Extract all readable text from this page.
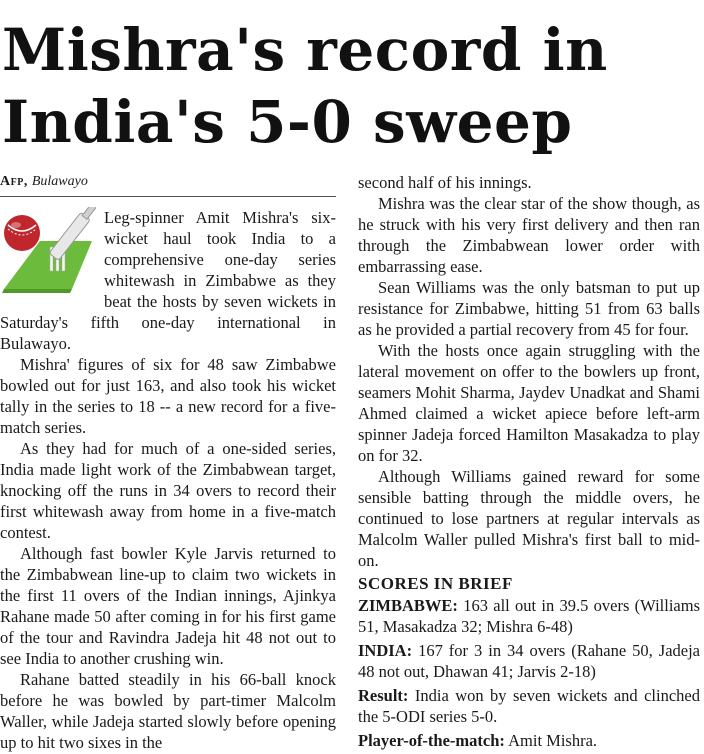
Mishra's record in India's 5-0 sweep
Afp, Bulawayo

Leg-spinner Amit Mishra's six-wicket haul took India to a comprehensive one-day series whitewash in Zimbabwe as they beat the hosts by seven wickets in Saturday's fifth one-day international in Bulawayo.

Mishra' figures of six for 48 saw Zimbabwe bowled out for just 163, and also took his wicket tally in the series to 18 -- a new record for a five-match series.

As they had for much of a one-sided series, India made light work of the Zimbabwean target, knocking off the runs in 34 overs to record their first whitewash away from home in a five-match contest.

Although fast bowler Kyle Jarvis returned to the Zimbabwean line-up to claim two wickets in the first 11 overs of the Indian innings, Ajinkya Rahane made 50 after coming in for his first game of the tour and Ravindra Jadeja hit 48 not out to see India to another crushing win.

Rahane batted steadily in his 66-ball knock before he was bowled by part-timer Malcolm Waller, while Jadeja started slowly before opening up to hit two sixes in the

second half of his innings.

Mishra was the clear star of the show though, as he struck with his very first delivery and then ran through the Zimbabwean lower order with embarrassing ease.

Sean Williams was the only batsman to put up resistance for Zimbabwe, hitting 51 from 63 balls as he provided a partial recovery from 45 for four.

With the hosts once again struggling with the lateral movement on offer to the bowlers up front, seamers Mohit Sharma, Jaydev Unadkat and Shami Ahmed claimed a wicket apiece before left-arm spinner Jadeja forced Hamilton Masakadza to play on for 32.

Although Williams gained reward for some sensible batting through the middle overs, he continued to lose partners at regular intervals as Malcolm Waller pulled Mishra's first ball to mid-on.

SCORES IN BRIEF

ZIMBABWE: 163 all out in 39.5 overs (Williams 51, Masakadza 32; Mishra 6-48)

INDIA: 167 for 3 in 34 overs (Rahane 50, Jadeja 48 not out, Dhawan 41; Jarvis 2-18)

Result: India won by seven wickets and clinched the 5-ODI series 5-0.

Player-of-the-match: Amit Mishra.
